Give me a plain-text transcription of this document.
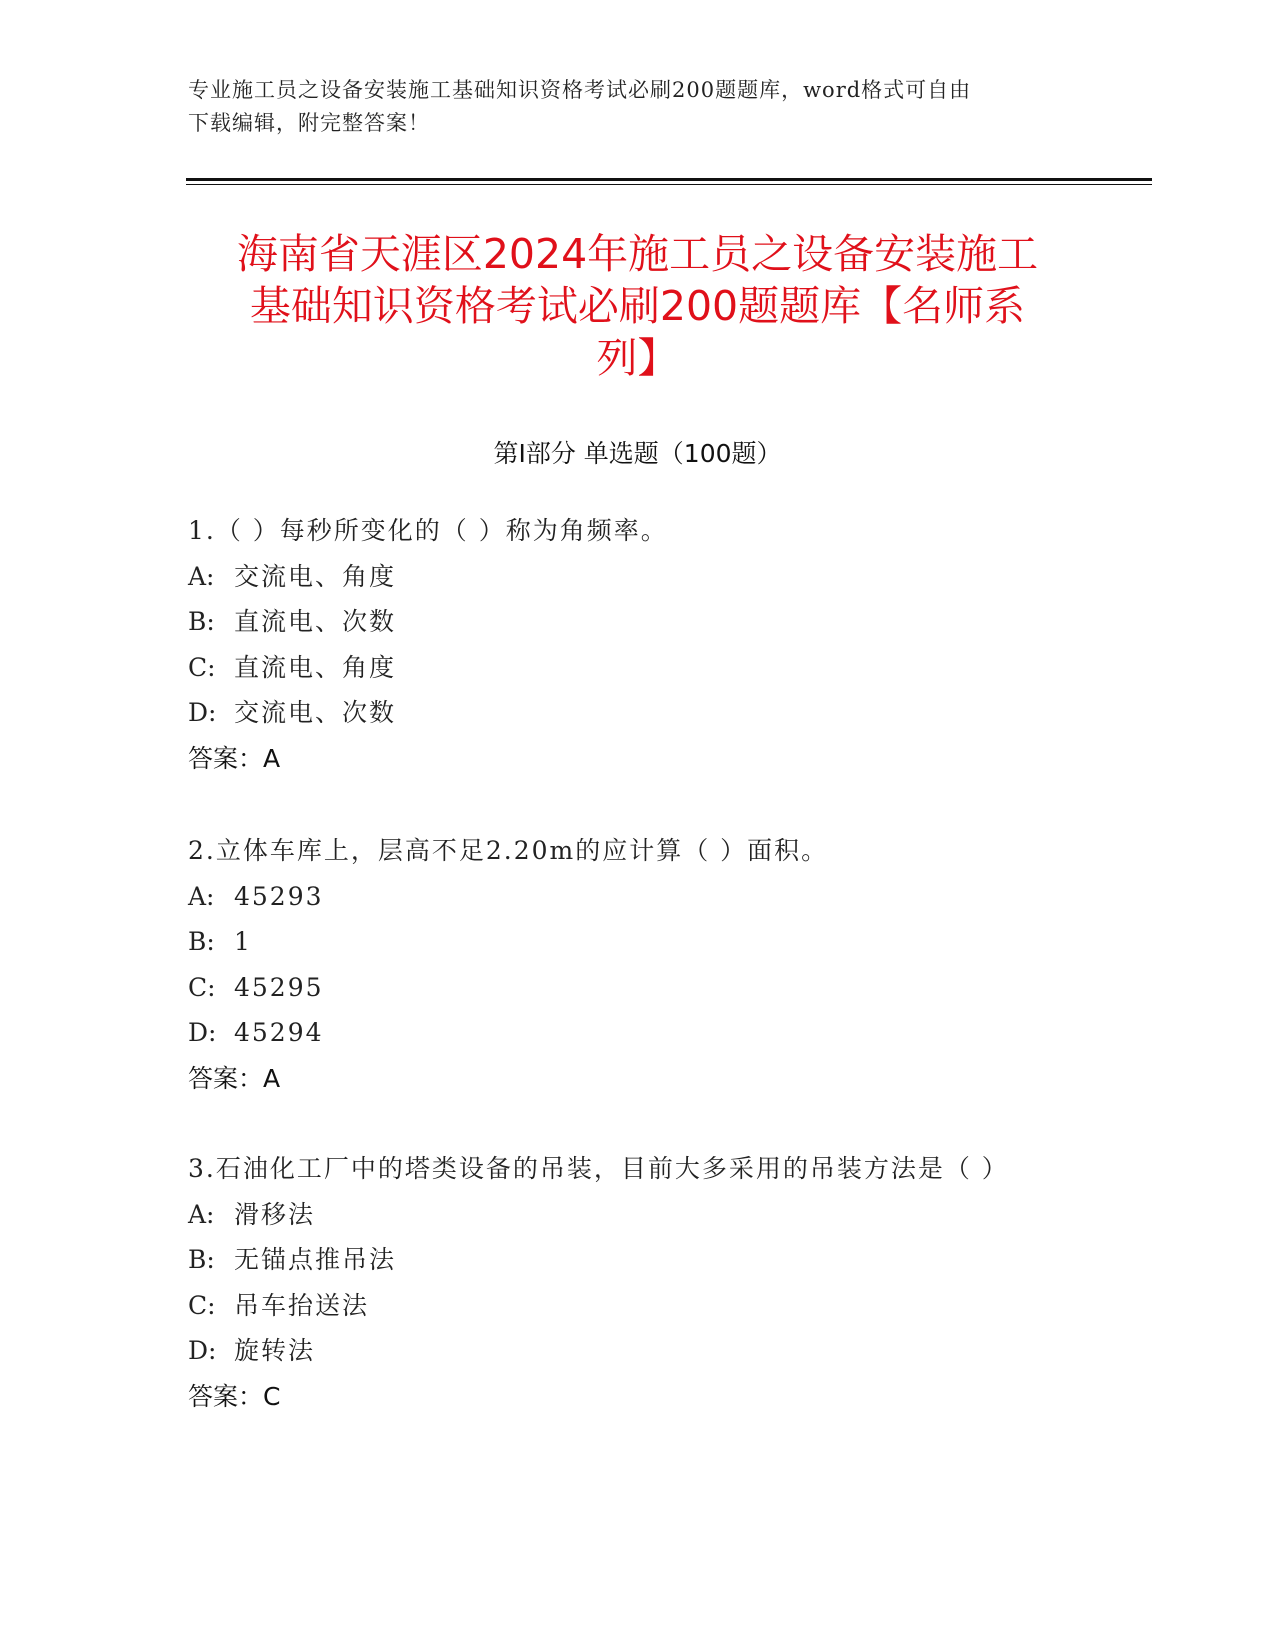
专业施工员之设备安装施工基础知识资格考试必刷200题题库，word格式可自由
下载编辑，附完整答案！
海南省天涯区2024年施工员之设备安装施工
基础知识资格考试必刷200题题库【名师系
列】
第Ⅰ部分 单选题（100题）
1.（ ）每秒所变化的（ ）称为角频率。
A: 交流电、角度
B: 直流电、次数
C: 直流电、角度
D: 交流电、次数
答案：A
2.立体车库上，层高不足2.20m的应计算（ ）面积。
A: 45293
B: 1
C: 45295
D: 45294
答案：A
3.石油化工厂中的塔类设备的吊装，目前大多采用的吊装方法是（ ）
A: 滑移法
B: 无锚点推吊法
C: 吊车抬送法
D: 旋转法
答案：C
